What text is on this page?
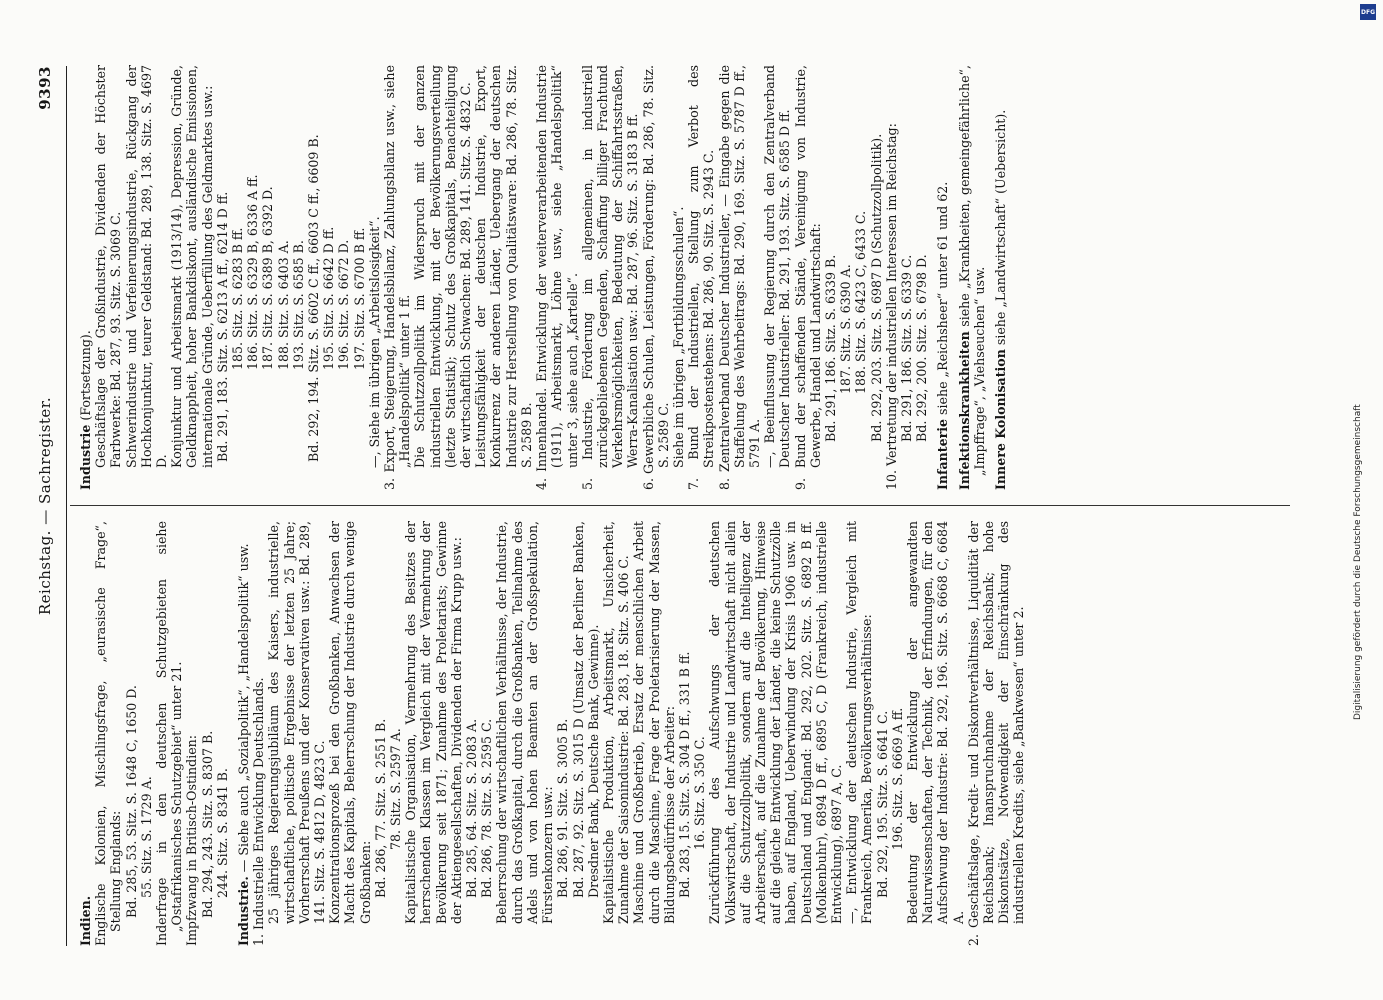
Reichstag. — Sachregister.
9393

Indien. Englische Kolonien, Mischlingsfrage, „eurasische Frage“, Stellung Englands: Bd. 285, 53. Sitz. S. 1648 C, 1650 D. 55. Sitz. S. 1729 A. Inderfrage in den deutschen Schutzgebieten siehe „Ostafrikanisches Schutzgebiet“ unter 21. Impfzwang in Britisch-Ostindien: Bd. 294, 243. Sitz. S. 8307 B. 244. Sitz. S. 8341 B.

Industrie. — Siehe auch „Sozialpolitik“, „Handelspolitik“ usw. 1. Industrielle Entwicklung Deutschlands. 25 jähriges Regierungsjubiläum des Kaisers, industrielle, wirtschaftliche, politische Ergebnisse der letzten 25 Jahre; Vorherrschaft Preußens und der Konservativen usw.: Bd. 289, 141. Sitz. S. 4812 D, 4823 C. Konzentrationsprozeß bei den Großbanken, Anwachsen der Macht des Kapitals, Beherrschung der Industrie durch wenige Großbanken: Bd. 286, 77. Sitz. S. 2551 B. 78. Sitz. S. 2597 A. Kapitalistische Organisation, Vermehrung des Besitzes der herrschenden Klassen im Vergleich mit der Vermehrung der Bevölkerung seit 1871; Zunahme des Proletariats; Gewinne der Aktiengesellschaften, Dividenden der Firma Krupp usw.: Bd. 285, 64. Sitz. S. 2083 A. Bd. 286, 78. Sitz. S. 2595 C. Beherrschung der wirtschaftlichen Verhältnisse, der Industrie, durch das Großkapital, durch die Großbanken, Teilnahme des Adels und von hohen Beamten an der Großspekulation, Fürstenkonzern usw.: Bd. 286, 91. Sitz. S. 3005 B. Bd. 287, 92. Sitz. S. 3015 D (Umsatz der Berliner Banken, Dresdner Bank, Deutsche Bank, Gewinne). Kapitalistische Produktion, Arbeitsmarkt, Unsicherheit, Zunahme der Saisonindustrie: Bd. 283, 18. Sitz. S. 406 C. Maschine und Großbetrieb, Ersatz der menschlichen Arbeit durch die Maschine, Frage der Proletarisierung der Massen, Bildungsbedürfnisse der Arbeiter: Bd. 283, 15. Sitz. S. 304 D ff., 331 B ff. 16. Sitz. S. 350 C. Zurückführung des Aufschwungs der deutschen Volkswirtschaft, der Industrie und Landwirtschaft nicht allein auf die Schutzzollpolitik, sondern auf die Intelligenz der Arbeiterschaft, auf die Zunahme der Bevölkerung, Hinweise auf die gleiche Entwicklung der Länder, die keine Schutzzölle haben, auf England, Ueberwindung der Krisis 1906 usw. in Deutschland und England: Bd. 292, 202. Sitz. S. 6892 B ff. (Molkenbuhr), 6894 D ff., 6895 C, D (Frankreich, industrielle Entwicklung), 6897 A, C. —, Entwicklung der deutschen Industrie, Vergleich mit Frankreich, Amerika, Bevölkerungsverhältnisse: Bd. 292, 195. Sitz. S. 6641 C. 196. Sitz. S. 6669 A ff. Bedeutung der Entwicklung der angewandten Naturwissenschaften, der Technik, der Erfindungen, für den Aufschwung der Industrie: Bd. 292, 196. Sitz. S. 6668 C, 6684 A. 2. Geschäftslage, Kredit- und Diskontverhältnisse, Liquidität der Reichsbank; Inanspruchnahme der Reichsbank; hohe Diskontsätze, Notwendigkeit der Einschränkung des industriellen Kredits, siehe „Bankwesen“ unter 2.

Industrie (Fortsetzung). Geschäftslage der Großindustrie, Dividenden der Höchster Farbwerke: Bd. 287, 93. Sitz. S. 3069 C. Schwerindustrie und Verfeinerungsindustrie, Rückgang der Hochkonjunktur, teurer Geldstand: Bd. 289, 138. Sitz. S. 4697 D. Konjunktur und Arbeitsmarkt (1913/14), Depression, Gründe, Geldknappheit, hoher Bankdiskont, ausländische Emissionen, internationale Gründe, Ueberfüllung des Geldmarktes usw.: Bd. 291, 183. Sitz. S. 6213 A ff., 6214 D ff. 185. Sitz. S. 6283 B ff. 186. Sitz. S. 6329 B, 6336 A ff. 187. Sitz. S. 6389 B, 6392 D. 188. Sitz. S. 6403 A. 193. Sitz. S. 6585 B. Bd. 292, 194. Sitz. S. 6602 C ff., 6603 C ff., 6609 B. 195. Sitz. S. 6642 D ff. 196. Sitz. S. 6672 D. 197. Sitz. S. 6700 B ff. —, Siehe im übrigen „Arbeitslosigkeit“. 3. Export, Steigerung, Handelsbilanz, Zahlungsbilanz usw., siehe „Handelspolitik“ unter 1 ff. Die Schutzzollpolitik im Widerspruch mit der ganzen industriellen Entwicklung, mit der Bevölkerungsverteilung (letzte Statistik); Schutz des Großkapitals, Benachteiligung der wirtschaftlich Schwachen: Bd. 289, 141. Sitz. S. 4832 C. Leistungsfähigkeit der deutschen Industrie, Export, Konkurrenz der anderen Länder, Uebergang der deutschen Industrie zur Herstellung von Qualitätsware: Bd. 286, 78. Sitz. S. 2589 B. 4. Innenhandel. Entwicklung der weiterverarbeitenden Industrie (1911), Arbeitsmarkt, Löhne usw., siehe „Handelspolitik“ unter 3, siehe auch „Kartelle“. 5. Industrie, Förderung im allgemeinen, in industriell zurückgebliebenen Gegenden, Schaffung billiger Frachtund Verkehrsmöglichkeiten, Bedeutung der Schiffahrtsstraßen, Werra-Kanalisation usw.: Bd. 287, 96. Sitz. S. 3183 B ff. 6. Gewerbliche Schulen, Leistungen, Förderung: Bd. 286, 78. Sitz. S. 2589 C. Siehe im übrigen „Fortbildungsschulen“. 7. Bund der Industriellen, Stellung zum Verbot des Streikpostenstehens: Bd. 286, 90. Sitz. S. 2943 C. 8. Zentralverband Deutscher Industrieller, — Eingabe gegen die Staffelung des Wehrbeitrags: Bd. 290, 169. Sitz. S. 5787 D ff., 5791 A. —, Beeinflussung der Regierung durch den Zentralverband Deutscher Industrieller: Bd. 291, 193. Sitz. S. 6585 D ff. 9. Bund der schaffenden Stände, Vereinigung von Industrie, Gewerbe, Handel und Landwirtschaft: Bd. 291, 186. Sitz. S. 6339 B. 187. Sitz. S. 6390 A. 188. Sitz. S. 6423 C, 6433 C. Bd. 292, 203. Sitz. S. 6987 D (Schutzzollpolitik). 10. Vertretung der industriellen Interessen im Reichstag: Bd. 291, 186. Sitz. S. 6339 C. Bd. 292, 200. Sitz. S. 6798 D.

Infanterie siehe „Reichsheer“ unter 61 und 62. Infektionskrankheiten siehe „Krankheiten, gemeingefährliche“, „Impffrage“, „Viehseuchen“ usw. Innere Kolonisation siehe „Landwirtschaft“ (Uebersicht).

DFG
Digitalisierung gefördert durch die Deutsche Forschungsgemeinschaft
